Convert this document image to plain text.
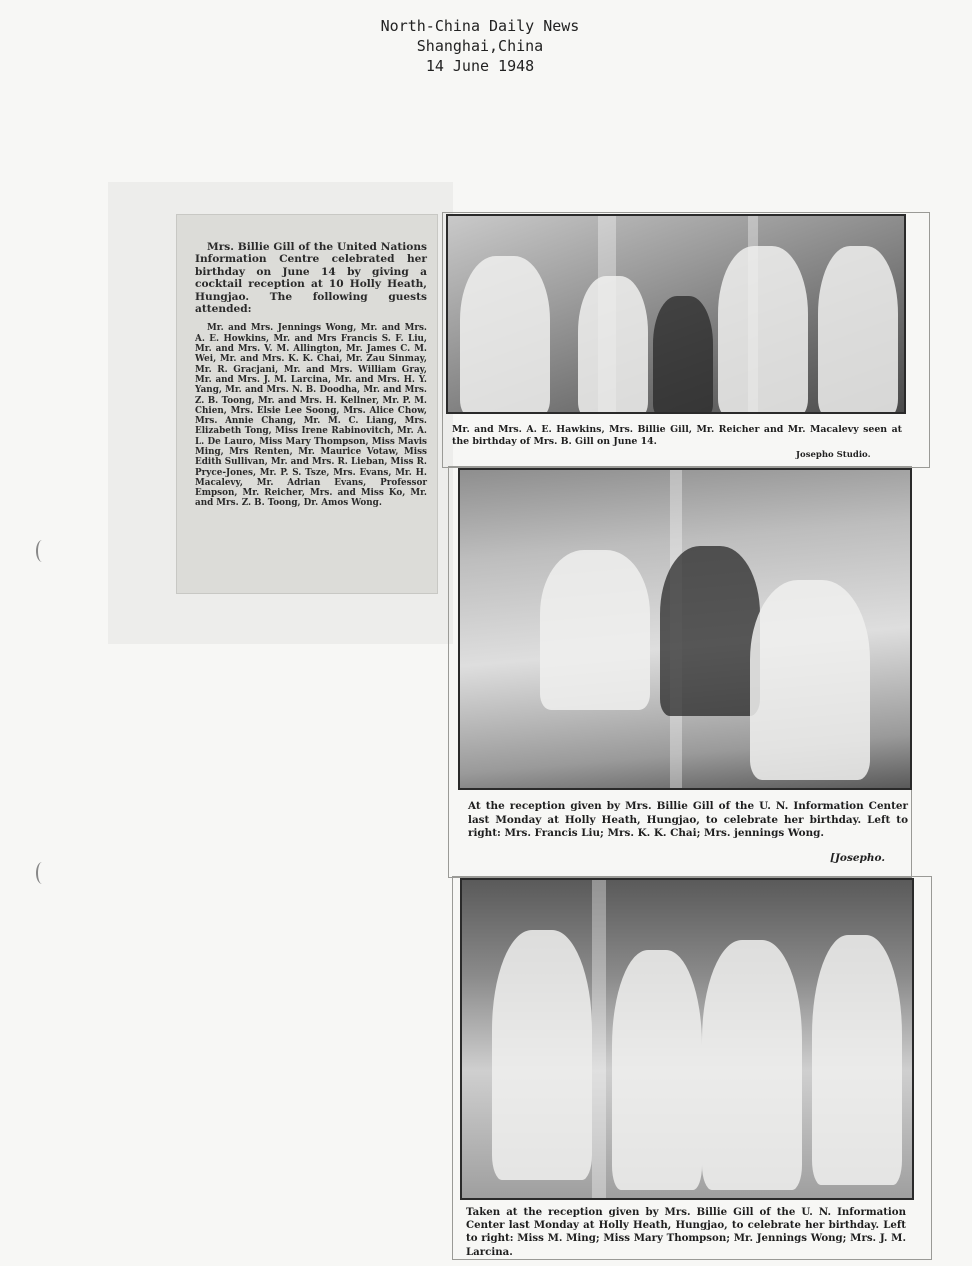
North-China Daily News
Shanghai,China
14 June 1948

Mrs. Billie Gill of the United Nations Information Centre celebrated her birthday on June 14 by giving a cocktail reception at 10 Holly Heath, Hungjao. The following guests attended:

Mr. and Mrs. Jennings Wong, Mr. and Mrs. A. E. Howkins, Mr. and Mrs Francis S. F. Liu, Mr. and Mrs. V. M. Allington, Mr. James C. M. Wei, Mr. and Mrs. K. K. Chai, Mr. Zau Sinmay, Mr. R. Gracjani, Mr. and Mrs. William Gray, Mr. and Mrs. J. M. Larcina, Mr. and Mrs. H. Y. Yang, Mr. and Mrs. N. B. Doodha, Mr. and Mrs. Z. B. Toong, Mr. and Mrs. H. Kellner, Mr. P. M. Chien, Mrs. Elsie Lee Soong, Mrs. Alice Chow, Mrs. Annie Chang, Mr. M. C. Liang, Mrs. Elizabeth Tong, Miss Irene Rabinovitch, Mr. A. L. De Lauro, Miss Mary Thompson, Miss Mavis Ming, Mrs Renten, Mr. Maurice Votaw, Miss Edith Sullivan, Mr. and Mrs. R. Lieban, Miss R. Pryce-Jones, Mr. P. S. Tsze, Mrs. Evans, Mr. H. Macalevy, Mr. Adrian Evans, Professor Empson, Mr. Reicher, Mrs. and Miss Ko, Mr. and Mrs. Z. B. Toong, Dr. Amos Wong.

Mr. and Mrs. A. E. Hawkins, Mrs. Billie Gill, Mr. Reicher and Mr. Macalevy seen at the birthday of Mrs. B. Gill on June 14.
Josepho Studio.
At the reception given by Mrs. Billie Gill of the U. N. Information Center last Monday at Holly Heath, Hungjao, to celebrate her birthday. Left to right: Mrs. Francis Liu; Mrs. K. K. Chai; Mrs. jennings Wong.
[Josepho.
Taken at the reception given by Mrs. Billie Gill of the U. N. Information Center last Monday at Holly Heath, Hungjao, to celebrate her birthday. Left to right: Miss M. Ming; Miss Mary Thompson; Mr. Jennings Wong; Mrs. J. M. Larcina.
